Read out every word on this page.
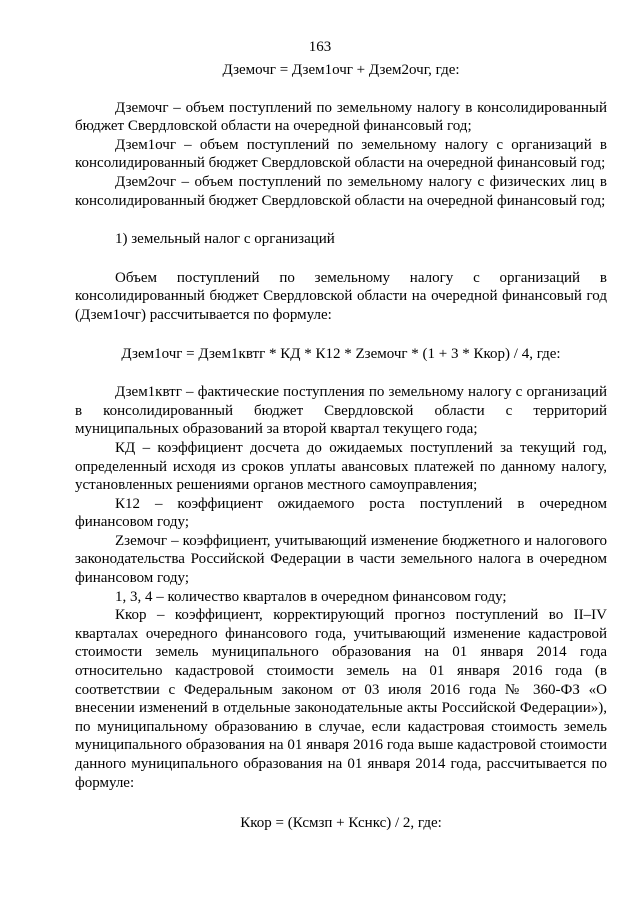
163
Дземочг = Дзем1очг + Дзем2очг, где:

Дземочг – объем поступлений по земельному налогу в консолидированный бюджет Свердловской области на очередной финансовый год;

Дзем1очг – объем поступлений по земельному налогу с организаций в консолидированный бюджет Свердловской области на очередной финансовый год;

Дзем2очг – объем поступлений по земельному налогу с физических лиц в консолидированный бюджет Свердловской области на очередной финансовый год;

1) земельный налог с организаций

Объем поступлений по земельному налогу с организаций в консолидированный бюджет Свердловской области на очередной финансовый год (Дзем1очг) рассчитывается по формуле:

Дзем1очг = Дзем1квтг * КД * К12 * Zземочг * (1 + 3 * Ккор) / 4, где:

Дзем1квтг – фактические поступления по земельному налогу с организаций в консолидированный бюджет Свердловской области с территорий муниципальных образований за второй квартал текущего года;

КД – коэффициент досчета до ожидаемых поступлений за текущий год, определенный исходя из сроков уплаты авансовых платежей по данному налогу, установленных решениями органов местного самоуправления;

К12 – коэффициент ожидаемого роста поступлений в очередном финансовом году;

Zземочг – коэффициент, учитывающий изменение бюджетного и налогового законодательства Российской Федерации в части земельного налога в очередном финансовом году;

1, 3, 4 – количество кварталов в очередном финансовом году;

Ккор – коэффициент, корректирующий прогноз поступлений во II–IV кварталах очередного финансового года, учитывающий изменение кадастровой стоимости земель муниципального образования на 01 января 2014 года относительно кадастровой стоимости земель на 01 января 2016 года (в соответствии с Федеральным законом от 03 июля 2016 года № 360-ФЗ «О внесении изменений в отдельные законодательные акты Российской Федерации»), по муниципальному образованию в случае, если кадастровая стоимость земель муниципального образования на 01 января 2016 года выше кадастровой стоимости данного муниципального образования на 01 января 2014 года, рассчитывается по формуле:

Ккор = (Ксмзп + Кснкс) / 2, где:
